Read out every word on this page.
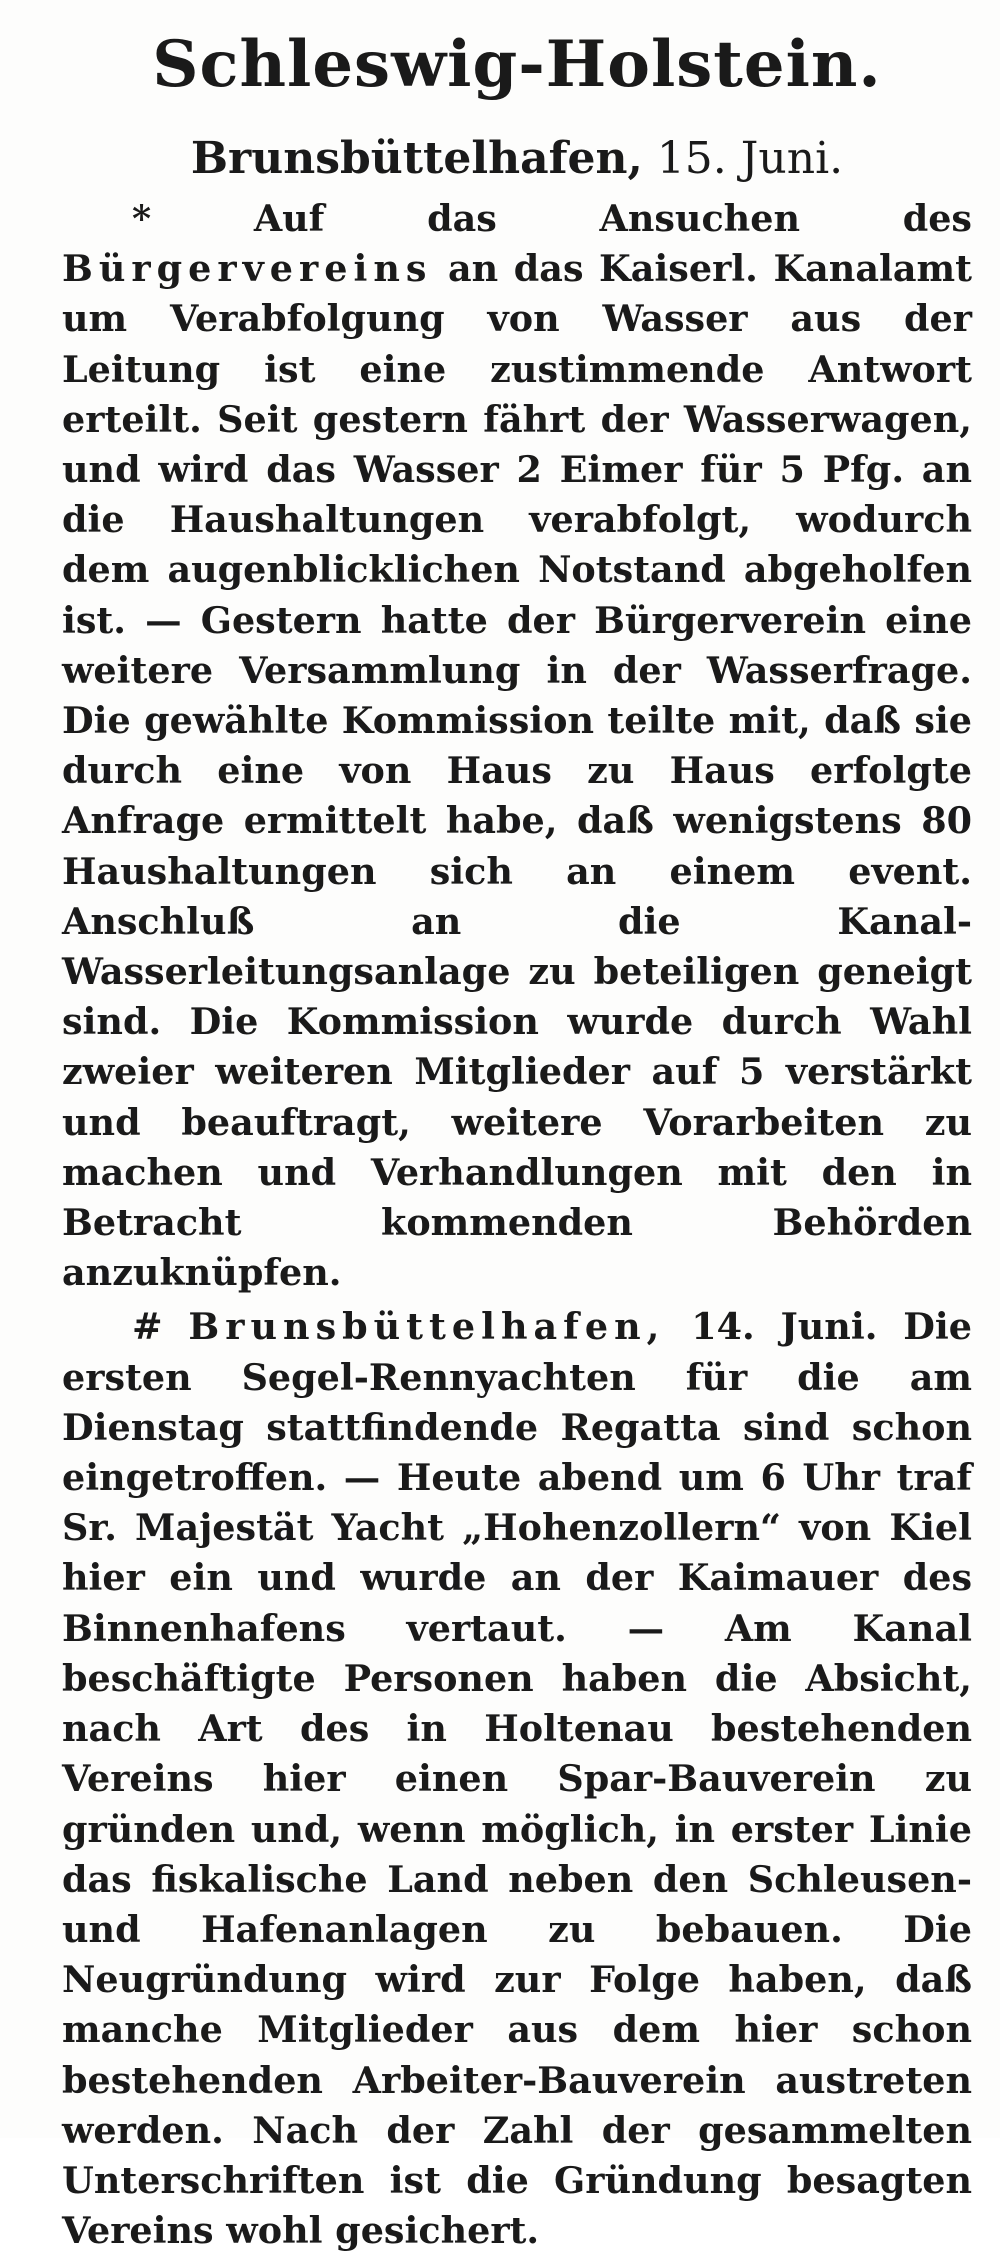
Schleswig-Holstein.
Brunsbüttelhafen, 15. Juni.

*	Auf das Ansuchen des Bürgervereins an das Kaiserl. Kanalamt um Verabfolgung von Wasser aus der Leitung ist eine zustimmende Antwort erteilt. Seit gestern fährt der Wasserwagen, und wird das Wasser 2 Eimer für 5 Pfg. an die Haushaltungen verabfolgt, wodurch dem augenblicklichen Notstand abgeholfen ist. — Gestern hatte der Bürgerverein eine weitere Versammlung in der Wasserfrage. Die gewählte Kommission teilte mit, daß sie durch eine von Haus zu Haus erfolgte Anfrage ermittelt habe, daß wenigstens 80 Haushaltungen sich an einem event. Anschluß an die Kanal-Wasserleitungsanlage zu beteiligen geneigt sind. Die Kommission wurde durch Wahl zweier weiteren Mitglieder auf 5 verstärkt und beauftragt, weitere Vorarbeiten zu machen und Verhandlungen mit den in Betracht kommenden Behörden anzuknüpfen.

# Brunsbüttelhafen, 14. Juni. Die ersten Segel-Rennyachten für die am Dienstag stattfindende Regatta sind schon eingetroffen. — Heute abend um 6 Uhr traf Sr. Majestät Yacht „Hohenzollern“ von Kiel hier ein und wurde an der Kaimauer des Binnenhafens vertaut. — Am Kanal beschäftigte Personen haben die Absicht, nach Art des in Holtenau bestehenden Vereins hier einen Spar-Bauverein zu gründen und, wenn möglich, in erster Linie das fiskalische Land neben den Schleusen- und Hafenanlagen zu bebauen. Die Neugründung wird zur Folge haben, daß manche Mitglieder aus dem hier schon bestehenden Arbeiter-Bauverein austreten werden. Nach der Zahl der gesammelten Unterschriften ist die Gründung besagten Vereins wohl gesichert.
